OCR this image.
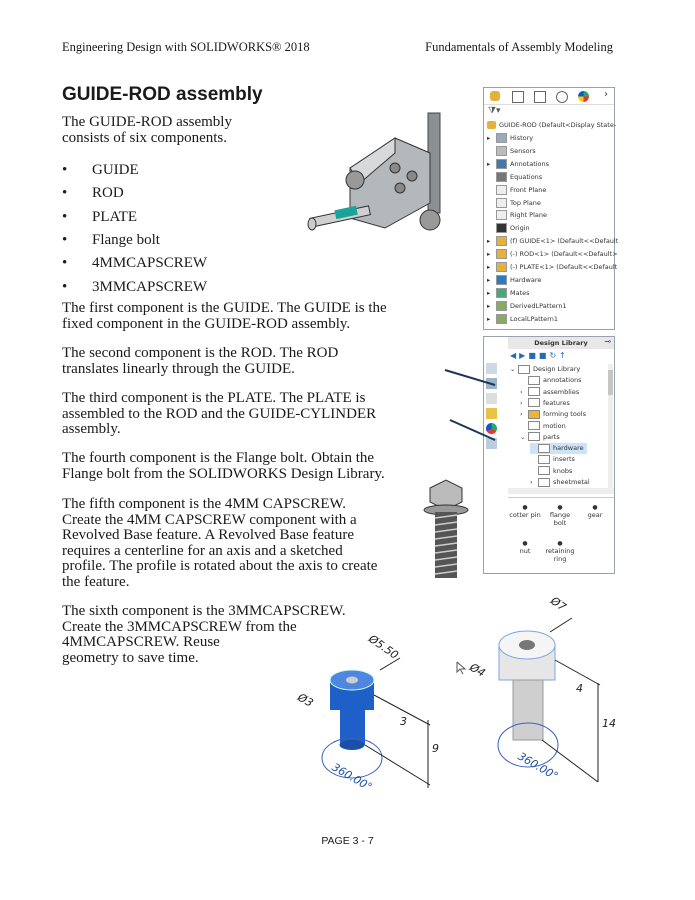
Engineering Design with SOLIDWORKS® 2018	Fundamentals of Assembly Modeling
GUIDE-ROD assembly
The GUIDE-ROD assembly
consists of six components.
• GUIDE
• ROD
• PLATE
• Flange bolt
• 4MMCAPSCREW
• 3MMCAPSCREW
The first component is the GUIDE. The GUIDE is the
fixed component in the GUIDE-ROD assembly.
The second component is the ROD. The ROD
translates linearly through the GUIDE.
The third component is the PLATE. The PLATE is
assembled to the ROD and the GUIDE-CYLINDER
assembly.
The fourth component is the Flange bolt. Obtain the
Flange bolt from the SOLIDWORKS Design Library.
The fifth component is the 4MM CAPSCREW.
Create the 4MM CAPSCREW component with a
Revolved Base feature. A Revolved Base feature
requires a centerline for an axis and a sketched
profile. The profile is rotated about the axis to create
the feature.
The sixth component is the 3MMCAPSCREW.
Create the 3MMCAPSCREW from the
4MMCAPSCREW. Reuse
geometry to save time.
›
⧩▾
GUIDE-ROD (Default<Display State-
▸	History
Sensors
▸	Annotations
Equations
Front Plane
Top Plane
Right Plane
Origin
▸	(f) GUIDE<1> (Default<<Default
▸	(-) ROD<1> (Default<<Default>
▸	(-) PLATE<1> (Default<<Default
▸	Hardware
▸	Mates
▸	DerivedLPattern1
▸	LocalLPattern1
Design Library	⊸
◀▶■■↻↑
⌄	Design Library
annotations
›	assemblies
›	features
›	forming tools
motion
⌄	parts
hardware
inserts
knobs
›	sheetmetal
●
cotter pin
●
flange bolt
●
gear
●
nut
●
retaining ring
Ø5.50
Ø3
3
9
360.00°
Ø7
Ø4
4
14
360.00°
PAGE 3 - 7
